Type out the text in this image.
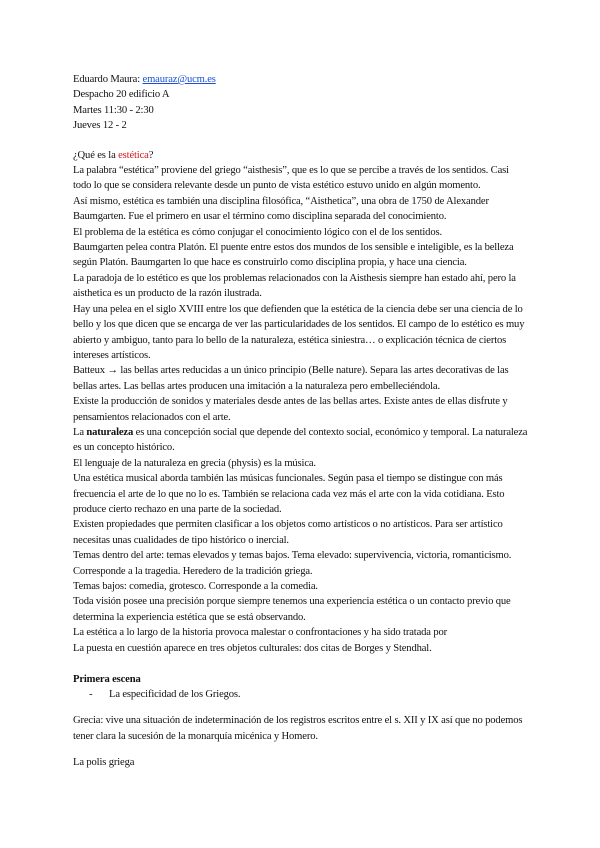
Eduardo Maura: emauraz@ucm.es

Despacho 20 edificio A

Martes 11:30 - 2:30

Jueves 12 - 2

¿Qué es la estética?

La palabra “estética” proviene del griego “aisthesis”, que es lo que se percibe a través de los sentidos. Casi todo lo que se considera relevante desde un punto de vista estético estuvo unido en algún momento.

Así mismo, estética es también una disciplina filosófica, “Aisthetica”, una obra de 1750 de Alexander Baumgarten. Fue el primero en usar el término como disciplina separada del conocimiento.

El problema de la estética es cómo conjugar el conocimiento lógico con el de los sentidos.

Baumgarten pelea contra Platón. El puente entre estos dos mundos de los sensible e inteligible, es la belleza según Platón. Baumgarten lo que hace es construirlo como disciplina propia, y hace una ciencia.

La paradoja de lo estético es que los problemas relacionados con la Aisthesis siempre han estado ahí, pero la aisthetica es un producto de la razón ilustrada.

Hay una pelea en el siglo XVIII entre los que defienden que la estética de la ciencia debe ser una ciencia de lo bello y los que dicen que se encarga de ver las particularidades de los sentidos. El campo de lo estético es muy abierto y ambiguo, tanto para lo bello de la naturaleza, estética siniestra… o explicación técnica de ciertos intereses artísticos.

Batteux → las bellas artes reducidas a un único principio (Belle nature). Separa las artes decorativas de las bellas artes. Las bellas artes producen una imitación a la naturaleza pero embelleciéndola.

Existe la producción de sonidos y materiales desde antes de las bellas artes. Existe antes de ellas disfrute y pensamientos relacionados con el arte.

La naturaleza es una concepción social que depende del contexto social, económico y temporal. La naturaleza es un concepto histórico.

El lenguaje de la naturaleza en grecia (physis) es la música.

Una estética musical aborda también las músicas funcionales. Según pasa el tiempo se distingue con más frecuencia el arte de lo que no lo es. También se relaciona cada vez más el arte con la vida cotidiana. Esto produce cierto rechazo en una parte de la sociedad.

Existen propiedades que permiten clasificar a los objetos como artísticos o no artísticos. Para ser artístico necesitas unas cualidades de tipo histórico o inercial.

Temas dentro del arte: temas elevados y temas bajos. Tema elevado: supervivencia, victoria, romanticismo. Corresponde a la tragedia. Heredero de la tradición griega.

Temas bajos: comedia, grotesco. Corresponde a la comedia.

Toda visión posee una precisión porque siempre tenemos una experiencia estética o un contacto previo que determina la experiencia estética que se está observando.

La estética a lo largo de la historia provoca malestar o confrontaciones y ha sido tratada por

La puesta en cuestión aparece en tres objetos culturales: dos citas de Borges y Stendhal.

Primera escena

-	La especificidad de los Griegos.

Grecia: vive una situación de indeterminación de los registros escritos entre el s. XII y IX así que no podemos tener clara la sucesión de la monarquía micénica y Homero.

La polis griega
